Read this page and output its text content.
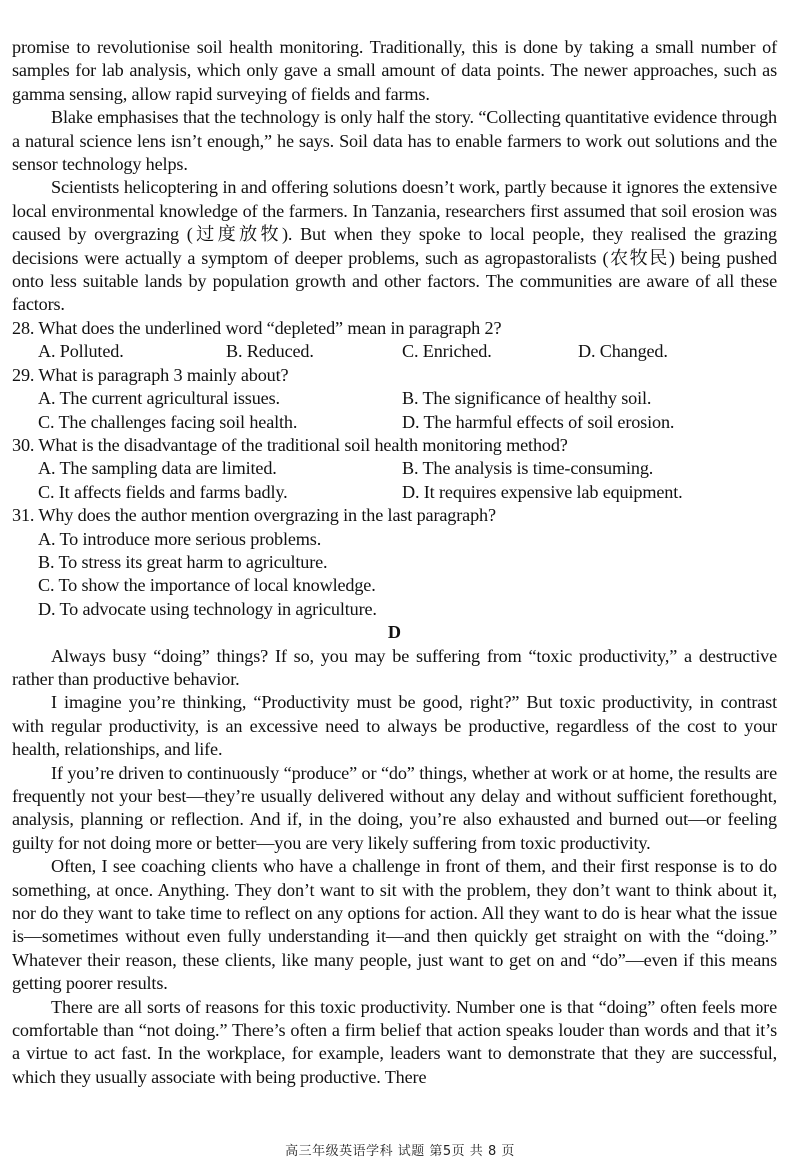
promise to revolutionise soil health monitoring. Traditionally, this is done by taking a small number of samples for lab analysis, which only gave a small amount of data points. The newer approaches, such as gamma sensing, allow rapid surveying of fields and farms.

Blake emphasises that the technology is only half the story. “Collecting quantitative evidence through a natural science lens isn’t enough,” he says. Soil data has to enable farmers to work out solutions and the sensor technology helps.

Scientists helicoptering in and offering solutions doesn’t work, partly because it ignores the extensive local environmental knowledge of the farmers. In Tanzania, researchers first assumed that soil erosion was caused by overgrazing (过度放牧). But when they spoke to local people, they realised the grazing decisions were actually a symptom of deeper problems, such as agropastoralists (农牧民) being pushed onto less suitable lands by population growth and other factors. The communities are aware of all these factors.

28. What does the underlined word “depleted” mean in paragraph 2?

A. Polluted.	B. Reduced.	C. Enriched.	D. Changed.

29. What is paragraph 3 mainly about?

A. The current agricultural issues.	B. The significance of healthy soil.
C. The challenges facing soil health.	D. The harmful effects of soil erosion.

30. What is the disadvantage of the traditional soil health monitoring method?

A. The sampling data are limited.	B. The analysis is time-consuming.
C. It affects fields and farms badly.	D. It requires expensive lab equipment.

31. Why does the author mention overgrazing in the last paragraph?

A. To introduce more serious problems.
B. To stress its great harm to agriculture.
C. To show the importance of local knowledge.
D. To advocate using technology in agriculture.
D

Always busy “doing” things? If so, you may be suffering from “toxic productivity,” a destructive rather than productive behavior.

I imagine you’re thinking, “Productivity must be good, right?” But toxic productivity, in contrast with regular productivity, is an excessive need to always be productive, regardless of the cost to your health, relationships, and life.

If you’re driven to continuously “produce” or “do” things, whether at work or at home, the results are frequently not your best—they’re usually delivered without any delay and without sufficient forethought, analysis, planning or reflection. And if, in the doing, you’re also exhausted and burned out—or feeling guilty for not doing more or better—you are very likely suffering from toxic productivity.

Often, I see coaching clients who have a challenge in front of them, and their first response is to do something, at once. Anything. They don’t want to sit with the problem, they don’t want to think about it, nor do they want to take time to reflect on any options for action. All they want to do is hear what the issue is—sometimes without even fully understanding it—and then quickly get straight on with the “doing.” Whatever their reason, these clients, like many people, just want to get on and “do”—even if this means getting poorer results.

There are all sorts of reasons for this toxic productivity. Number one is that “doing” often feels more comfortable than “not doing.” There’s often a firm belief that action speaks louder than words and that it’s a virtue to act fast. In the workplace, for example, leaders want to demonstrate that they are successful, which they usually associate with being productive. There

高三年级英语学科 试题 第5页 共 8 页
